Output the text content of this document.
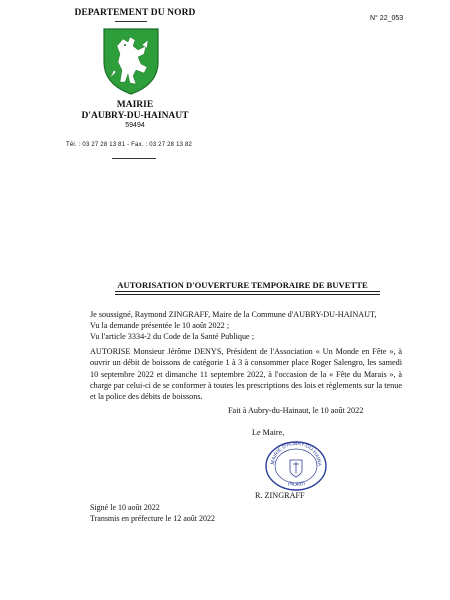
DEPARTEMENT DU NORD
N° 22_053
MAIRIE
D'AUBRY-DU-HAINAUT
59494
Tél. : 03 27 28 13 81 - Fax. : 03 27 28 13 82
AUTORISATION D'OUVERTURE TEMPORAIRE DE BUVETTE
Je soussigné, Raymond ZINGRAFF, Maire de la Commune d'AUBRY-DU-HAINAUT,
Vu la demande présentée le 10 août 2022 ;
Vu l'article 3334-2 du Code de la Santé Publique ;
AUTORISE Monsieur Jérôme DENYS, Président de l'Association « Un Monde en Fête », à ouvrir un débit de boissons de catégorie 1 à 3 à consommer place Roger Salengro, les samedi 10 septembre 2022 et dimanche 11 septembre 2022, à l'occasion de la « Fête du Marais », à charge par celui-ci de se conformer à toutes les prescriptions des lois et règlements sur la tenue et la police des débits de boissons.
Fait à Aubry-du-Hainaut, le 10 août 2022
Le Maire,
MAIRIE D'AUBRY-DU-HAINA
(NORD)
R. ZINGRAFF
Signé le 10 août 2022
Transmis en préfecture le 12 août 2022
